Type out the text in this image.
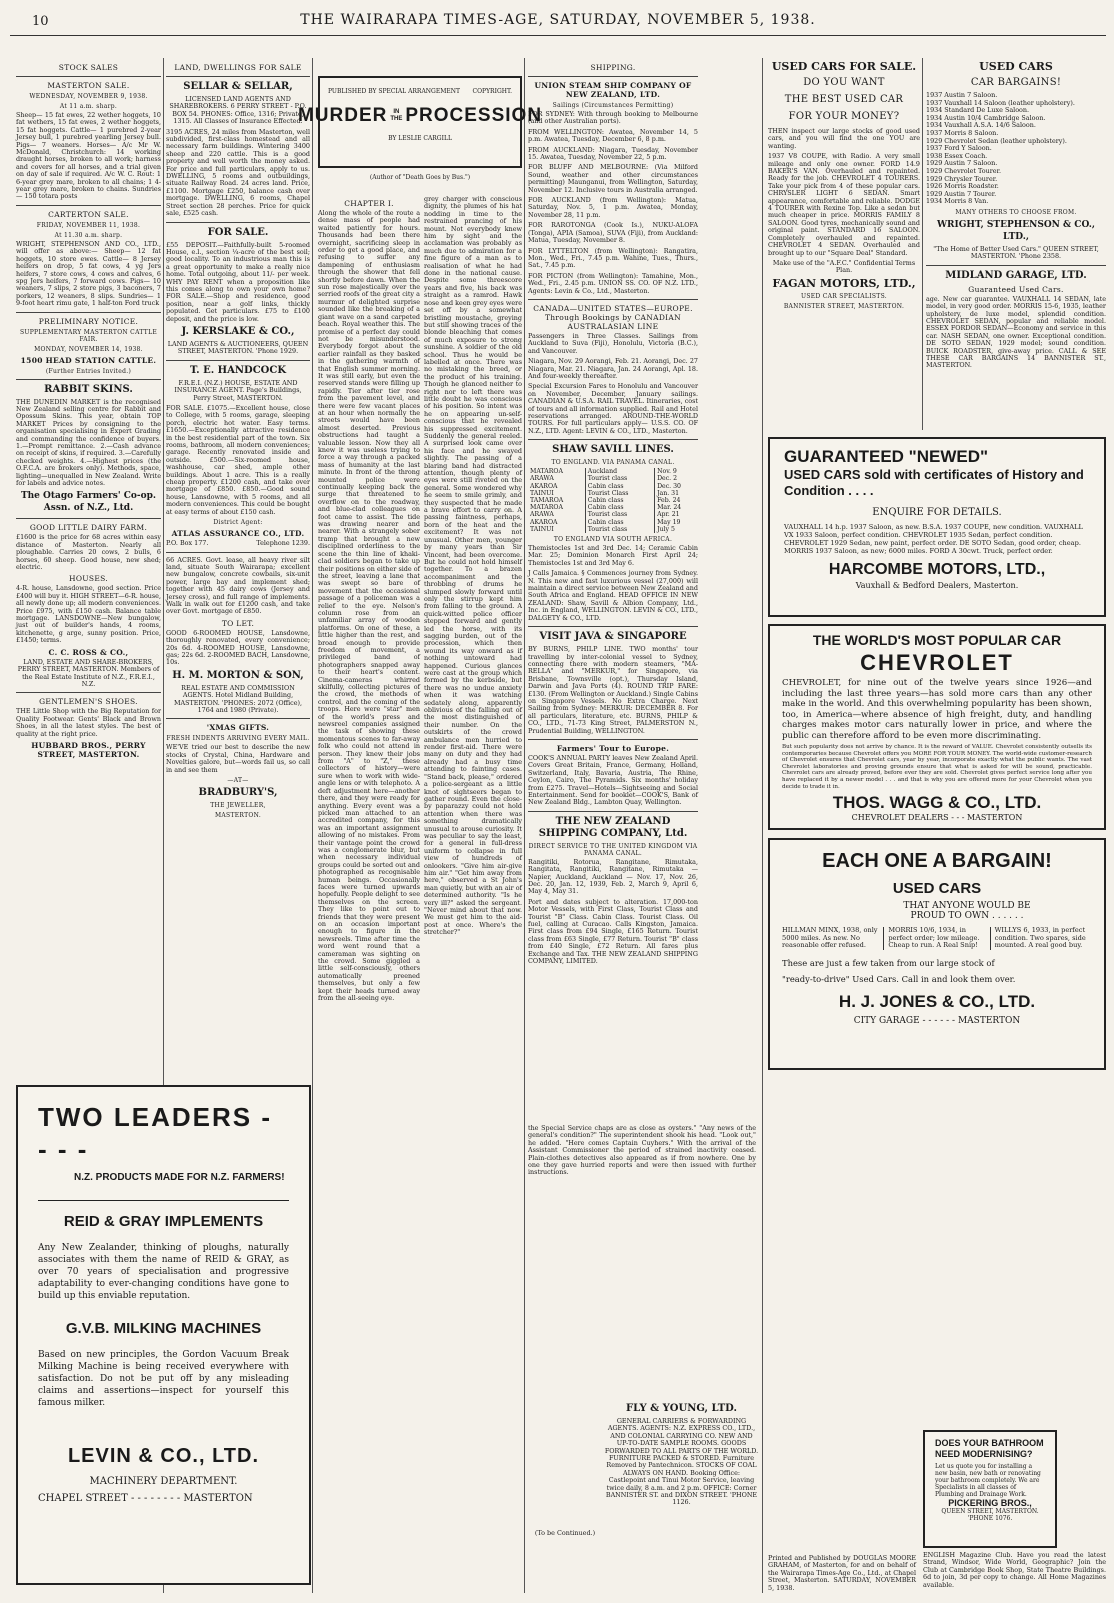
10	THE WAIRARAPA TIMES-AGE, SATURDAY, NOVEMBER 5, 1938.
STOCK SALES
MASTERTON SALE.
WEDNESDAY, NOVEMBER 9, 1938.
At 11 a.m. sharp.

Sheep— 15 fat ewes, 22 wether hoggets, 10 fat wethers, 15 fat ewes, 2 wether hoggets, 15 fat hoggets. Cattle— 1 purebred 2-year Jersey bull, 1 purebred yearling Jersey bull. Pigs— 7 weaners. Horses— A/c Mr W. McDonald, Christchurch: 14 working draught horses, broken to all work; harness and covers for all horses, and a trial given on day of sale if required. A/c W. C. Rout: 1 6-year grey mare, broken to all chains; 1 4-year grey mare, broken to chains. Sundries— 150 totara posts

CARTERTON SALE.
FRIDAY, NOVEMBER 11, 1938.
At 11.30 a.m. sharp.

WRIGHT, STEPHENSON AND CO., LTD., will offer as above:— Sheep— 12 fat hoggets, 10 store ewes. Cattle— 8 Jersey heifers on drop, 5 fat cows, 4 yg Jers heifers, 7 store cows, 4 cows and calves, 6 spg Jers heifers, 7 forward cows. Pigs— 10 weaners, 7 slips, 2 store pigs, 3 baconers, 7 porkers, 12 weaners, 8 slips. Sundries— 1 9-foot heart rimu gate, 1 half-ton Ford truck

PRELIMINARY NOTICE.
SUPPLEMENTARY MASTERTON CATTLE FAIR.
MONDAY, NOVEMBER 14, 1938.
1500 HEAD STATION CATTLE.
(Further Entries Invited.)
RABBIT SKINS.

THE DUNEDIN MARKET is the recognised New Zealand selling centre for Rabbit and Opossum Skins. This year, obtain TOP MARKET Prices by consigning to the organisation specialising in Expert Grading and commanding the confidence of buyers. 1.—Prompt remittance. 2.—Cash advance on receipt of skins, if required. 3.—Carefully checked weights. 4.—Highest prices (the O.F.C.A. are brokers only). Methods, space, lighting—unequalled in New Zealand. Write for labels and advice notes.

The Otago Farmers' Co-op. Assn. of N.Z., Ltd.
GOOD LITTLE DAIRY FARM.

£1600 is the price for 68 acres within easy distance of Masterton. Nearly all ploughable. Carries 20 cows, 2 bulls, 6 horses, 60 sheep. Good house, new shed; electric.

HOUSES.

4-R. house, Lansdowne, good section. Price £400 will buy it. HIGH STREET—6-R. house, all newly done up; all modern conveniences. Price £975, with £150 cash. Balance table mortgage. LANSDOWNE—New bungalow, just out of builder's hands, 4 rooms, kitchenette, g arge, sunny position. Price, £1450; terms.

C. C. ROSS & CO.,

LAND, ESTATE AND SHARE-BROKERS, PERRY STREET, MASTERTON. Members of the Real Estate Institute of N.Z., F.R.E.I., N.Z.

GENTLEMEN'S SHOES.

THE Little Shop with the Big Reputation for Quality Footwear. Gents' Black and Brown Shoes, in all the latest styles. The best of quality at the right price.

HUBBARD BROS., PERRY STREET, MASTERTON.
LAND, DWELLINGS FOR SALE
SELLAR & SELLAR,

LICENSED LAND AGENTS AND SHAREBROKERS. 6 PERRY STREET - P.O. BOX 54. PHONES: Office, 1316; Private, 1315. All Classes of Insurance Effected.

3195 ACRES, 24 miles from Masterton, well subdivided, first-class homestead and all necessary farm buildings. Wintering 3400 sheep and 220 cattle. This is a good property and well worth the money asked. For price and full particulars, apply to us. DWELLING, 5 rooms and outbuildings, situate Railway Road. 24 acres land. Price, £1100. Mortgage £250, balance cash over mortgage. DWELLING, 6 rooms, Chapel Street section 28 perches. Price for quick sale, £525 cash.

FOR SALE.

£55 DEPOSIT.—Faithfully-built 5-roomed House, e.l., section ¼-acre of the best soil; good locality. To an industrious man this is a great opportunity to make a really nice home. Total outgoing, about 11/- per week. WHY PAY RENT when a proposition like this comes along to own your own home? FOR SALE.—Shop and residence, good position, near a golf links, thickly populated. Get particulars. £75 to £100 deposit, and the price is low.

J. KERSLAKE & CO.,

LAND AGENTS & AUCTIONEERS, QUEEN STREET, MASTERTON. 'Phone 1929.

T. E. HANDCOCK

F.R.E.I. (N.Z.) HOUSE, ESTATE AND INSURANCE AGENT. Page's Buildings, Perry Street, MASTERTON.

FOR SALE. £1075.—Excellent house, close to College, with 5 rooms, garage, sleeping porch, electric hot water. Easy terms. £1650.—Exceptionally attractive residence in the best residential part of the town. Six rooms, bathroom, all modern conveniences; garage. Recently renovated inside and outside. £500.—Six-roomed house, washhouse, car shed, ample other buildings. About 1 acre. This is a really cheap property. £1200 cash, and take over mortgage of £850. £850.—Good sound house, Lansdowne, with 5 rooms, and all modern conveniences. This could be bought at easy terms of about £150 cash.

District Agent:
ATLAS ASSURANCE CO., LTD.
P.O. Box 177.	Telephone 1239.

66 ACRES. Govt. lease, all heavy river silt land, situate South Wairarapa; excellent new bungalow, concrete cowbails, six-unit power, large bay and implement shed; together with 45 dairy cows (Jersey and Jersey cross), and full range of implements. Walk in walk out for £1200 cash, and take over Govt. mortgage of £850.

TO LET.

GOOD 6-ROOMED HOUSE, Lansdowne, thoroughly renovated, every convenience; 20s 6d. 4-ROOMED HOUSE, Lansdowne, gas; 22s 6d. 2-ROOMED BACH, Lansdowne, 10s.

H. M. MORTON & SON,

REAL ESTATE AND COMMISSION AGENTS. Hotel Midland Building, MASTERTON. 'PHONES: 2072 (Office), 1764 and 1980 (Private).

'XMAS GIFTS.
FRESH INDENTS ARRIVING EVERY MAIL.

WE'VE tried our best to describe the new stocks of Crystal, China, Hardware and Novelties galore, but—words fail us, so call in and see them

—AT—
BRADBURY'S,
THE JEWELLER,
MASTERTON.
TWO LEADERS - - - -
N.Z. PRODUCTS MADE FOR N.Z. FARMERS!
REID & GRAY IMPLEMENTS

Any New Zealander, thinking of ploughs, naturally associates with them the name of REID & GRAY, as over 70 years of specialisation and progressive adaptability to ever-changing conditions have gone to build up this enviable reputation.

G.V.B. MILKING MACHINES

Based on new principles, the Gordon Vacuum Break Milking Machine is being received everywhere with satisfaction. Do not be put off by any misleading claims and assertions—inspect for yourself this famous milker.

LEVIN & CO., LTD.
MACHINERY DEPARTMENT.
CHAPEL STREET - - - - - - - - MASTERTON
PUBLISHED BY SPECIAL ARRANGEMENT COPYRIGHT.
MURDER	IN
THE PROCESSION
BY LESLIE CARGILL
(Author of "Death Goes by Bus.")
CHAPTER I.

Along the whole of the route a dense mass of people had waited patiently for hours. Thousands had been there overnight, sacrificing sleep in order to get a good place, and refusing to suffer any dampening of enthusiasm through the shower that fell shortly before dawn. When the sun rose majestically over the serried roofs of the great city a murmur of delighted surprise sounded like the breaking of a giant wave on a sand carpeted beach. Royal weather this. The promise of a perfect day could not be misunderstood. Everybody forgot about the earlier rainfall as they basked in the gathering warmth of that English summer morning. It was still early, but even the reserved stands were filling up rapidly. Tier after tier rose from the pavement level, and there were few vacant places at an hour when normally the streets would have been almost deserted. Previous obstructions had taught a valuable lesson. Now they all knew it was useless trying to force a way through a packed mass of humanity at the last minute. In front of the throng mounted police were continually keeping back the surge that threatened to overflow on to the roadway, and blue-clad colleagues on foot came to assist. The tide was drawing nearer and nearer. With a strangely sober tramp that brought a new disciplined orderliness to the scene the thin line of khaki-clad soldiers began to take up their positions on either side of the street, leaving a lane that was swept so bare of movement that the occasional passage of a policeman was a relief to the eye. Nelson's column rose from an unfamiliar array of wooden platforms. On one of these, a little higher than the rest, and broad enough to provide freedom of movement, a privileged band of photographers snapped away to their heart's content. Cinema-cameras whirred skilfully, collecting pictures of the crowd, the methods of control, and the coming of the troops. Here were "star" men of the world's press and newsreel companies assigned the task of showing these momentous scenes to far-away folk who could not attend in person. They knew their jobs from "A" to "Z," these collectors of history—were sure when to work with wide-angle lens or with telephoto. A deft adjustment here—another there, and they were ready for anything. Every event was a picked man attached to an accredited company, for this was an important assignment allowing of no mistakes. From their vantage point the crowd was a conglomerate blur, but when necessary individual groups could be sorted out and photographed as recognisable human beings. Occasionally faces were turned upwards hopefully. People delight to see themselves on the screen. They like to point out to friends that they were present on an occasion important enough to figure in the newsreels. Time after time the word went round that a cameraman was sighting on the crowd. Some giggled a little self-consciously, others automatically preened themselves, but only a few kept their heads turned away from the all-seeing eye.

grey charger with conscious dignity, the plumes of his hat nodding in time to the restrained prancing of his mount. Not everybody knew him by sight and the acclamation was probably as much due to admiration for a fine figure of a man as to realisation of what he had done in the national cause. Despite some threescore years and five, his back was straight as a ramrod. Hawk nose and keen grey eyes were set off by a somewhat bristling moustache, greying but still showing traces of the blonde bleaching that comes of much exposure to strong sunshine. A soldier of the old school. Thus he would be labelled at once. There was no mistaking the breed, or the product of his training. Though he glanced neither to right nor to left there was little doubt he was conscious of his position. So intent was he on appearing un-self-conscious that he revealed his suppressed excitement. Suddenly the general reeled. A surprised look came over his face and he swayed slightly. The passing of a blaring band had distracted attention, though plenty of eyes were still riveted on the general. Some wondered why he seem to smile grimly, and they suspected that he made a brave effort to carry on. A passing faintness, perhaps, born of the heat and the excitement? It was not unusual. Other men, younger by many years than Sir Vincent, had been overcome. But he could not hold himself together. To a brazen accompaniment and the throbbing of drums he slumped slowly forward until only the stirrup kept him from falling to the ground. A quick-witted police officer stepped forward and gently led the horse, with its sagging burden, out of the procession, which then wound its way onward as if nothing untoward had happened. Curious glances were cast at the group which formed by the kerbside, but there was no undue anxiety when it was watching sedately along, apparently oblivious of the falling out of the most distinguished of their number. On the outskirts of the crowd ambulance men hurried to render first-aid. There were many on duty and they had already had a busy time attending to fainting cases. "Stand back, please," ordered a police-sergeant as a little knot of sightseers began to gather round. Even the close-by paparazzy could not hold attention when there was something dramatically unusual to arouse curiosity. It was peculiar to say the least, for a general in full-dress uniform to collapse in full view of hundreds of onlookers. "Give him air-give him air." "Get him away from here," observed a St John's man quietly, but with an air of determined authority. "Is he very ill?" asked the sergeant. "Never mind about that now. We must get him to the aid-post at once. Where's the stretcher?"

SHIPPING.
UNION STEAM SHIP COMPANY OF NEW ZEALAND, LTD.
Sailings (Circumstances Permitting)

FOR SYDNEY: With through booking to Melbourne (and other Australian ports).

FROM WELLINGTON: Awatea, November 14, 5 p.m. Awatea, Tuesday, December 6, 8 p.m.

FROM AUCKLAND: Niagara, Tuesday, November 15. Awatea, Tuesday, November 22, 5 p.m.

FOR BLUFF AND MELBOURNE: (Via Milford Sound, weather and other circumstances permitting) Maunganui, from Wellington, Saturday, November 12. Inclusive tours in Australia arranged.

FOR AUCKLAND (from Wellington): Matua, Saturday, Nov. 5, 1 p.m. Awatea, Monday, November 28, 11 p.m.

FOR RAROTONGA (Cook Is.), NUKU-ALOFA (Tonga), APIA (Samoa), SUVA (Fiji), from Auckland: Matua, Tuesday, November 8.

FOR LYTTELTON (from Wellington): Rangatira, Mon., Wed., Fri., 7.45 p.m. Wahine, Tues., Thurs., Sat., 7.45 p.m.

FOR PICTON (from Wellington): Tamahine, Mon., Wed., Fri., 2.45 p.m. UNION SS. CO. OF N.Z. LTD., Agents: Levin & Co., Ltd., Masterton.

CANADA—UNITED STATES—EUROPE. Through Bookings by CANADIAN AUSTRALASIAN LINE

Passengers in Three Classes. Sailings from Auckland to Suva (Fiji), Honolulu, Victoria (B.C.), and Vancouver.

Niagara, Nov. 29 Aorangi, Feb. 21. Aorangi, Dec. 27 Niagara, Mar. 21. Niagara, Jan. 24 Aorangi, Apl. 18. And four-weekly thereafter.

Special Excursion Fares to Honolulu and Vancouver on November, December, January sailings. CANADIAN & U.S.A. RAIL TRAVEL. Itineraries, cost of tours and all information supplied. Rail and Hotel reservations arranged. AROUND-THE-WORLD TOURS. For full particulars apply— U.S.S. CO. OF N.Z., LTD. Agent: LEVIN & CO., LTD., Masterton.

SHAW SAVILL LINES.
TO ENGLAND. VIA PANAMA CANAL.
MATAROA	Auckland	Nov. 9
ARAWA	Tourist class	Dec. 2
AKAROA	Cabin class	Dec. 30
TAINUI	Tourist Class	Jan. 31
TAMAROA	Cabin class	Feb. 24
MATAROA	Cabin class	Mar. 24
ARAWA	Tourist class	Apr. 21
AKAROA	Cabin class	May 19
TAINUI	Tourist class	July 5
TO ENGLAND VIA SOUTH AFRICA.

Themistocles 1st and 3rd Dec. 14; Ceramic Cabin Mar. 25; Dominion Monarch First April 24; Themistocles 1st and 3rd May 6.

J Calls Jamaica. § Commences journey from Sydney. N. This new and fast luxurious vessel (27,000) will maintain a direct service between New Zealand and South Africa and England. HEAD OFFICE IN NEW ZEALAND: Shaw, Savill & Albion Company, Ltd., Inc. in England, WELLINGTON. LEVIN & CO., LTD., DALGETY & CO., LTD.

VISIT JAVA & SINGAPORE

BY BURNS, PHILP LINE. TWO months' tour travelling by inter-colonial vessel to Sydney, connecting there with modern steamers, "MA-RELLA" and "MERKUR," for Singapore, via Brisbane, Townsville (opt.), Thursday Island, Darwin and Java Ports (4). ROUND TRIP FARE: £130. (From Wellington or Auckland.) Single Cabins on Singapore Vessels. No Extra Charge. Next Sailing from Sydney: MERKUR: DECEMBER 8. For all particulars, literature, etc. BURNS, PHILP & CO., LTD., 71-73 King Street, PALMERSTON N., Prudential Building, WELLINGTON.

Farmers' Tour to Europe.

COOK'S ANNUAL PARTY leaves New Zealand April. Covers Great Britain, France, Germany, Holland, Switzerland, Italy, Bavaria, Austria, The Rhine, Ceylon, Cairo, The Pyramids. Six months' holiday from £275. Travel—Hotels—Sightseeing and Social Entertainment. Send for booklet—COOK'S, Bank of New Zealand Bldg., Lambton Quay, Wellington.

THE NEW ZEALAND SHIPPING COMPANY, Ltd.
DIRECT SERVICE TO THE UNITED KINGDOM VIA PANAMA CANAL.

Rangitiki, Rotorua, Rangitane, Rimutaka, Rangitata, Rangitiki, Rangitane, Rimutaka — Napier, Auckland, Auckland — Nov. 17, Nov. 26, Dec. 20, Jan. 12, 1939, Feb. 2, March 9, April 6, May 4, May 31.

Port and dates subject to alteration. 17,000-ton Motor Vessels, with First Class, Tourist Class and Tourist "B" Class. Cabin Class. Tourist Class. Oil fuel, calling at Curacao. Calls Kingston, Jamaica. First class from £94 Single, £165 Return. Tourist class from £63 Single, £77 Return. Tourist "B" class from £40 Single, £72 Return. All fares plus Exchange and Tax. THE NEW ZEALAND SHIPPING COMPANY, LIMITED.

the Special Service chaps are as close as oysters." "Any news of the general's condition?" The superintendent shook his head. "Look out," he added. "Here comes Captain Cuyhers." With the arrival of the Assistant Commissioner the period of strained inactivity ceased. Plain-clothes detectives also appeared as if from nowhere. One by one they gave hurried reports and were then issued with further instructions.

FLY & YOUNG, LTD.

GENERAL CARRIERS & FORWARDING AGENTS. AGENTS: N.Z. EXPRESS CO., LTD., AND COLONIAL CARRYING CO. NEW AND UP-TO-DATE SAMPLE ROOMS. GOODS FORWARDED TO ALL PARTS OF THE WORLD. FURNITURE PACKED & STORED. Furniture Removed by Pantechnicon. STOCKS OF COAL ALWAYS ON HAND. Booking Office: Castlepoint and Tinui Motor Service, leaving twice daily, 8 a.m. and 2 p.m. OFFICE: Corner BANNISTER ST. and DIXON STREET. 'PHONE 1126.

(To be Continued.)
USED CARS FOR SALE.
DO YOU WANT
THE BEST USED CAR
FOR YOUR MONEY?

THEN inspect our large stocks of good used cars, and you will find the one YOU are wanting.

1937 V8 COUPE, with Radio. A very small mileage and only one owner. FORD 14.9 BAKER'S VAN. Overhauled and repainted. Ready for the job. CHEVROLET 4 TOURERS. Take your pick from 4 of these popular cars. CHRYSLER LIGHT 6 SEDAN. Smart appearance, comfortable and reliable. DODGE 4 TOURER with Rexine Top. Like a sedan but much cheaper in price. MORRIS FAMILY 8 SALOON. Good tyres, mechanically sound and original paint. STANDARD 16 SALOON. Completely overhauled and repainted. CHEVROLET 4 SEDAN. Overhauled and brought up to our "Square Deal" Standard.

Make use of the "A.F.C." Confidential Terms Plan.

FAGAN MOTORS, LTD.,
USED CAR SPECIALISTS.
BANNISTER STREET, MASTERTON.
USED CARS
CAR BARGAINS!
1937 Austin 7 Saloon.
1937 Vauxhall 14 Saloon (leather upholstery).
1934 Standard De Luxe Saloon.
1934 Austin 10/4 Cambridge Saloon.
1934 Vauxhall A.S.A. 14/6 Saloon.
1937 Morris 8 Saloon.
1929 Chevrolet Sedan (leather upholstery).
1937 Ford Y Saloon.
1938 Essex Coach.
1929 Austin 7 Saloon.
1929 Chevrolet Tourer.
1929 Chrysler Tourer.
1926 Morris Roadster.
1929 Austin 7 Tourer.
1934 Morris 8 Van.
MANY OTHERS TO CHOOSE FROM.
WRIGHT, STEPHENSON & CO., LTD.,

"The Home of Better Used Cars." QUEEN STREET, MASTERTON. 'Phone 2358.

MIDLAND GARAGE, LTD.
Guaranteed Used Cars.

age. New car guarantee. VAUXHALL 14 SEDAN, late model, in very good order. MORRIS 15-6, 1935, leather upholstery, de luxe model, splendid condition. CHEVROLET SEDAN, popular and reliable model. ESSEX FORDOR SEDAN—Economy and service in this car. NASH SEDAN, one owner. Exceptional condition. DE SOTO SEDAN, 1929 model; sound condition. BUICK ROADSTER, give-away price. CALL & SEE THESE CAR BARGAINS 14 BANNISTER ST., MASTERTON.

GUARANTEED "NEWED"
USED CARS sold with certificates of History and Condition . . . .
ENQUIRE FOR DETAILS.

VAUXHALL 14 h.p. 1937 Saloon, as new. B.S.A. 1937 COUPE, new condition. VAUXHALL VX 1933 Saloon, perfect condition. CHEVROLET 1935 Sedan, perfect condition. CHEVROLET 1929 Sedan, new paint, perfect order. DE SOTO Sedan, good order, cheap. MORRIS 1937 Saloon, as new; 6000 miles. FORD A 30cwt. Truck, perfect order.

HARCOMBE MOTORS, LTD.,
Vauxhall & Bedford Dealers, Masterton.
THE WORLD'S MOST POPULAR CAR
CHEVROLET

CHEVROLET, for nine out of the twelve years since 1926—and including the last three years—has sold more cars than any other make in the world. And this overwhelming popularity has been shown, too, in America—where absence of high freight, duty, and handling charges makes motor cars naturally lower in price, and where the public can therefore afford to be even more discriminating.

But such popularity does not arrive by chance. It is the reward of VALUE. Chevrolet consistently outsells its contemporaries because Chevrolet offers you MORE FOR YOUR MONEY. The world-wide customer-research of Chevrolet ensures that Chevrolet cars, year by year, incorporate exactly what the public wants. The vast Chevrolet laboratories and proving grounds ensure that what is asked for will be sound, practicable. Chevrolet cars are already proved, before ever they are sold. Chevrolet gives perfect service long after you have replaced it by a newer model . . . and that is why you are offered more for your Chevrolet when you decide to trade it in.

THOS. WAGG & CO., LTD.
CHEVROLET DEALERS - - - MASTERTON
EACH ONE A BARGAIN!
USED CARS
THAT ANYONE WOULD BE
PROUD TO OWN . . . . . .
HILLMAN MINX, 1938, only 5000 miles. As new. No reasonable offer refused.
MORRIS 10/6, 1934, in perfect order; low mileage. Cheap to run. A Real Snip!
WILLYS 6, 1933, in perfect condition. Two spares, side mounted. A real good buy.
These are just a few taken from our large stock of
"ready-to-drive" Used Cars. Call in and look them over.
H. J. JONES & CO., LTD.
CITY GARAGE - - - - - - MASTERTON
DOES YOUR BATHROOM NEED MODERNISING?

Let us quote you for installing a new basin, new bath or renovating your bathroom completely. We are Specialists in all classes of Plumbing and Drainage Work.

PICKERING BROS.,
QUEEN STREET, MASTERTON. 'PHONE 1076.

Printed and Published by DOUGLAS MOORE GRAHAM, of Masterton, for and on behalf of the Wairarapa Times-Age Co., Ltd., at Chapel Street, Masterton. SATURDAY, NOVEMBER 5, 1938.

ENGLISH Magazine Club. Have you read the latest Strand, Windsor, Wide World, Geographic? Join the Club at Cambridge Book Shop, State Theatre Buildings. 6d to join, 3d per copy to change. All Home Magazines available.
